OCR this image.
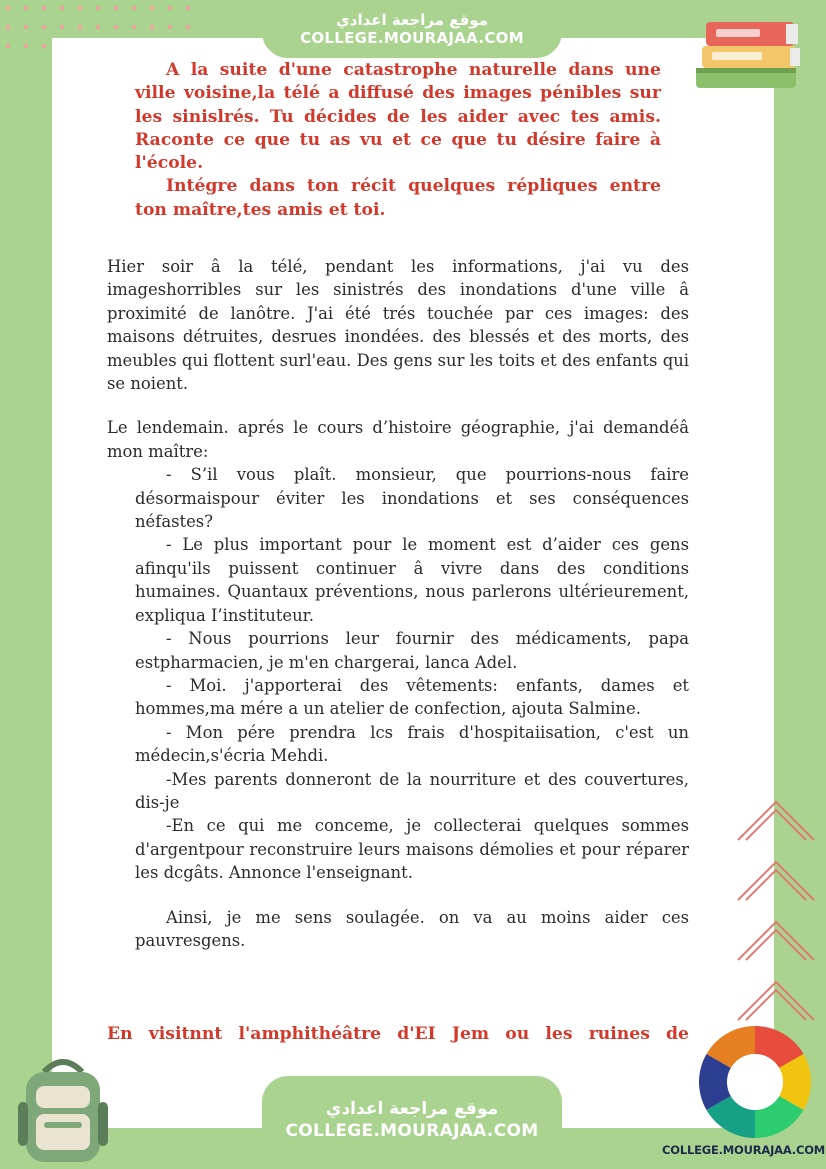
موقع مراجعة اعدادي
COLLEGE.MOURAJAA.COM

A la suite d'une catastrophe naturelle dans une ville voisine,la télé a diffusé des images pénibles sur les sinislrés. Tu décides de les aider avec tes amis. Raconte ce que tu as vu et ce que tu désire faire à l'école.

Intégre dans ton récit quelques répliques entre ton maître,tes amis et toi.

Hier soir â la télé, pendant les informations, j'ai vu des imageshorribles sur les sinistrés des inondations d'une ville â proximité de lanôtre. J'ai été trés touchée par ces images: des maisons détruites, desrues inondées. des blessés et des morts, des meubles qui flottent surl'eau. Des gens sur les toits et des enfants qui se noient.

Le lendemain. aprés le cours d’histoire géographie, j'ai demandéâ mon maître:

- S’il vous plaît. monsieur, que pourrions-nous faire désormaispour éviter les inondations et ses conséquences néfastes?

- Le plus important pour le moment est d’aider ces gens afinqu'ils puissent continuer â vivre dans des conditions humaines. Quantaux préventions, nous parlerons ultérieurement, expliqua I’instituteur.

- Nous pourrions leur fournir des médicaments, papa estpharmacien, je m'en chargerai, lanca Adel.

- Moi. j'apporterai des vêtements: enfants, dames et hommes,ma mére a un atelier de confection, ajouta Salmine.

- Mon pére prendra lcs frais d'hospitaiisation, c'est un médecin,s'écria Mehdi.

-Mes parents donneront de la nourriture et des couvertures, dis-je

-En ce qui me conceme, je collecterai quelques sommes d'argentpour reconstruire leurs maisons démolies et pour réparer les dcgâts. Annonce l'enseignant.

Ainsi, je me sens soulagée. on va au moins aider ces pauvresgens.

En visitnnt l'amphithéâtre d'EI Jem ou les ruines de
موقع مراجعة اعدادي
COLLEGE.MOURAJAA.COM
COLLEGE.MOURAJAA.COM
